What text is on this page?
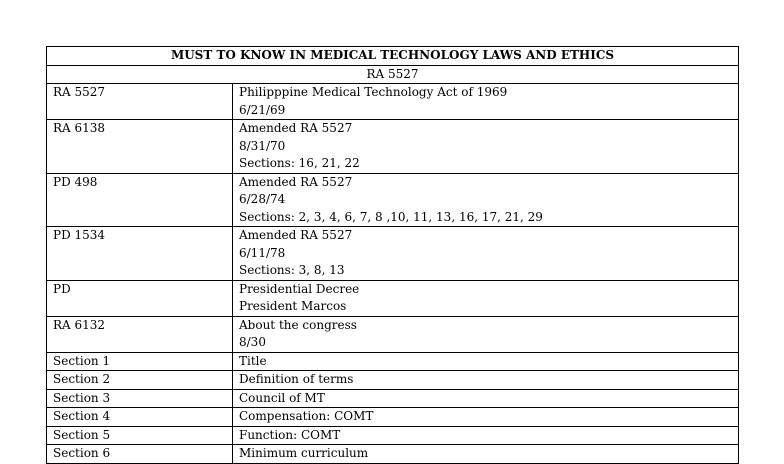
MUST TO KNOW IN MEDICAL TECHNOLOGY LAWS AND ETHICS	
RA 5527	
RA 5527	Philipppine Medical Technology Act of 1969
6/21/69

RA 6138	Amended RA 5527
8/31/70
Sections: 16, 21, 22

PD 498	Amended RA 5527
6/28/74
Sections: 2, 3, 4, 6, 7, 8 ,10, 11, 13, 16, 17, 21, 29

PD 1534	Amended RA 5527
6/11/78
Sections: 3, 8, 13

PD	Presidential Decree
President Marcos

RA 6132	About the congress
8/30

Section 1	Title

Section 2	Definition of terms

Section 3	Council of MT

Section 4	Compensation: COMT

Section 5	Function: COMT

Section 6	Minimum curriculum
